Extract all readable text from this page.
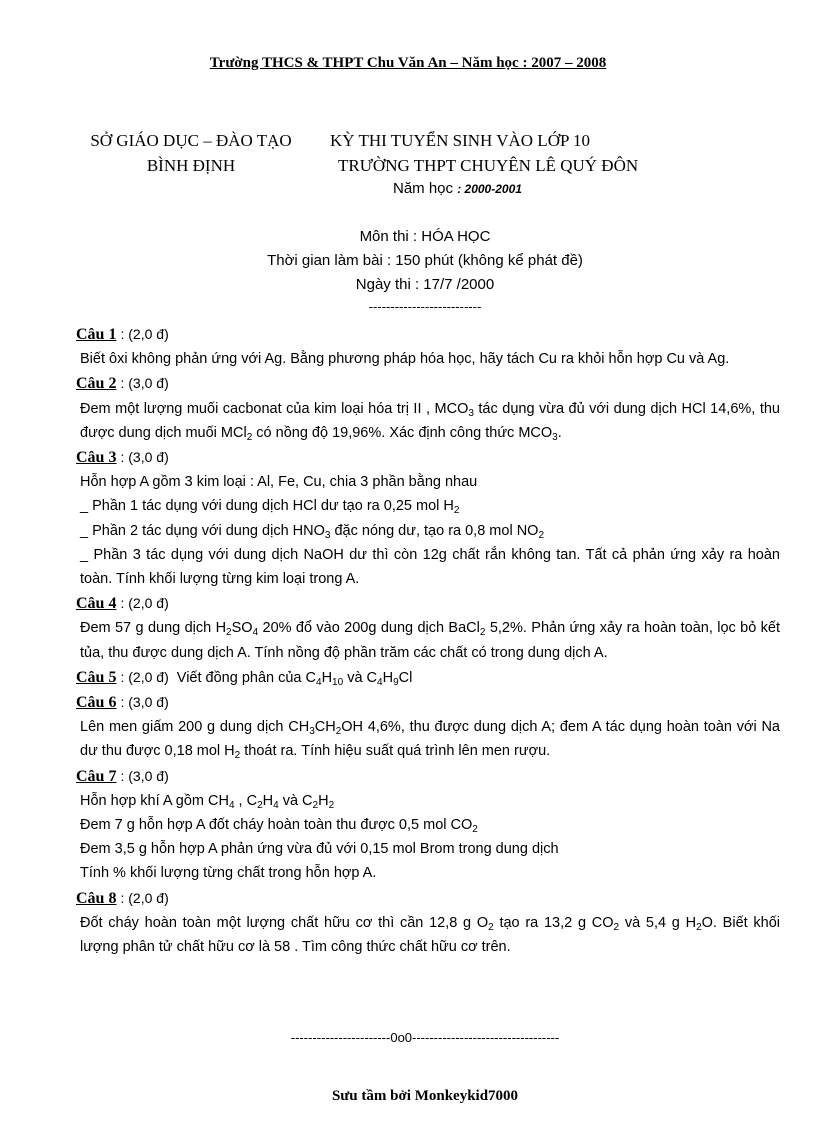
Trường THCS & THPT Chu Văn An – Năm học : 2007 – 2008
SỞ GIÁO DỤC – ĐÀO TẠO
BÌNH ĐỊNH
KỲ THI TUYỂN SINH VÀO LỚP 10
TRƯỜNG THPT CHUYÊN LÊ QUÝ ĐÔN
Năm học : 2000-2001
Môn thi : HÓA HỌC
Thời gian làm bài : 150 phút (không kể phát đề)
Ngày thi : 17/7 /2000
--------------------------
Câu 1 : (2,0 đ)
Biết ôxi không phản ứng với Ag. Bằng phương pháp hóa học, hãy tách Cu ra khỏi hỗn hợp Cu và Ag.
Câu 2 : (3,0 đ)
Đem một lượng muối cacbonat của kim loại hóa trị II , $MCO_3$ tác dụng vừa đủ với dung dịch HCl 14,6%, thu được dung dịch muối MCl$_2$ có nồng độ 19,96%. Xác định công thức $MCO_3$.
Câu 3 : (3,0 đ)
Hỗn hợp A gồm 3 kim loại : Al, Fe, Cu, chia 3 phần bằng nhau
_ Phần 1 tác dụng với dung dịch HCl dư tạo ra 0,25 mol $H_2$
_ Phần 2 tác dụng với dung dịch $HNO_3$ đặc nóng dư, tạo ra 0,8 mol $NO_2$
_ Phần 3 tác dụng với dung dịch NaOH dư thì còn 12g chất rắn không tan. Tất cả phản ứng xảy ra hoàn toàn. Tính khối lượng từng kim loại trong A.
Câu 4 : (2,0 đ)
Đem 57 g dung dịch $H_2SO_4$ 20% đổ vào 200g dung dịch BaCl$_2$ 5,2%. Phản ứng xảy ra hoàn toàn, lọc bỏ kết tủa, thu được dung dịch A. Tính nồng độ phần trăm các chất có trong dung dịch A.
Câu 5 : (2,0 đ)  Viết đồng phân của $C_4H_{10}$ và $C_4H_9Cl$
Câu 6 : (3,0 đ)
Lên men giấm 200 g dung dịch $CH_3CH_2OH$ 4,6%, thu được dung dịch A; đem A tác dụng hoàn toàn với Na dư thu được 0,18 mol $H_2$ thoát ra. Tính hiệu suất quá trình lên men rượu.
Câu 7 : (3,0 đ)
Hỗn hợp khí A gồm $CH_4$ , $C_2H_4$ và $C_2H_2$
Đem 7 g hỗn hợp A đốt cháy hoàn toàn thu được 0,5 mol $CO_2$
Đem 3,5 g hỗn hợp A phản ứng vừa đủ với 0,15 mol Brom trong dung dịch
Tính % khối lượng từng chất trong hỗn hợp A.
Câu 8 : (2,0 đ)
Đốt cháy hoàn toàn một lượng chất hữu cơ thì cần 12,8 g $O_2$ tạo ra 13,2 g $CO_2$ và 5,4 g $H_2O$. Biết khối lượng phân tử chất hữu cơ là 58 . Tìm công thức chất hữu cơ trên.
-----------------------0o0----------------------------------
Sưu tầm bởi Monkeykid7000
